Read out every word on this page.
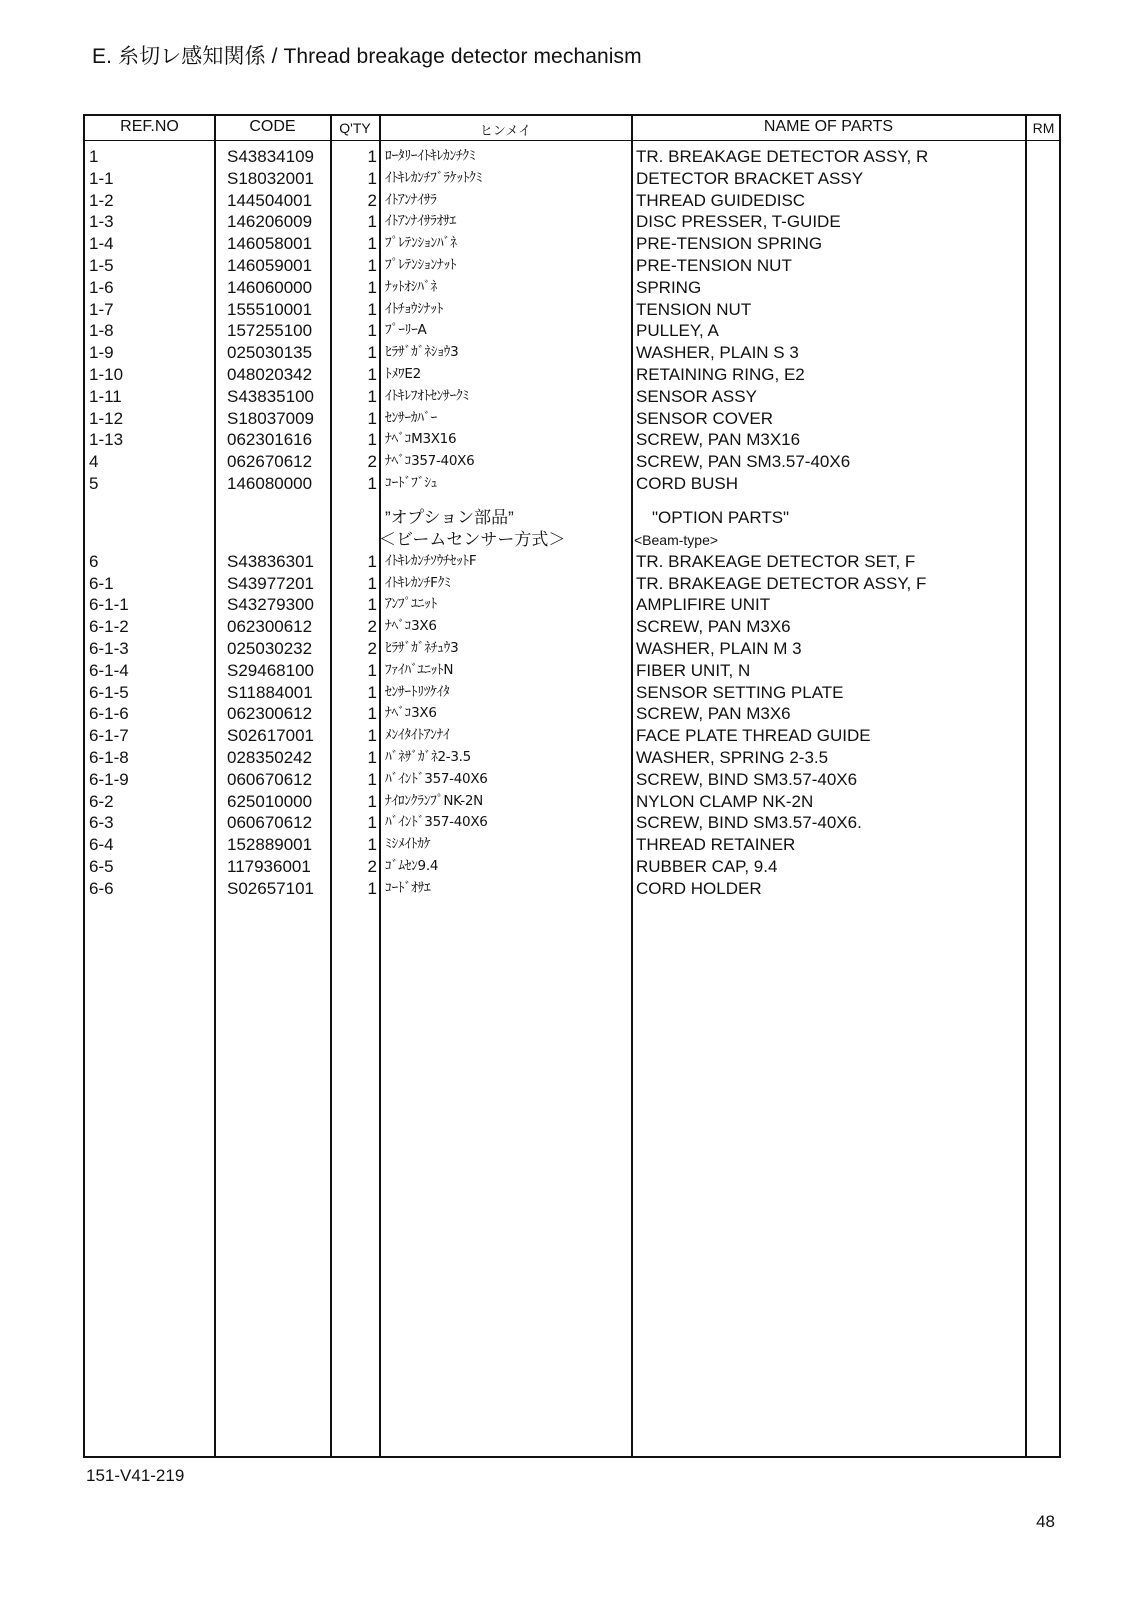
E. 糸切レ感知関係 / Thread breakage detector mechanism
REF.NO	CODE	Q'TY	ヒンメイ	NAME OF PARTS	RM
1	S43834109	1 ﾛｰﾀﾘｰｲﾄｷﾚｶﾝﾁｸﾐ	TR. BREAKAGE DETECTOR ASSY, R
1-1	S18032001	1 ｲﾄｷﾚｶﾝﾁﾌﾞﾗｹｯﾄｸﾐ	DETECTOR BRACKET ASSY
1-2	144504001	2 ｲﾄｱﾝﾅｲｻﾗ	THREAD GUIDEDISC
1-3	146206009	1 ｲﾄｱﾝﾅｲｻﾗｵｻｴ	DISC PRESSER, T-GUIDE
1-4	146058001	1 ﾌﾟﾚﾃﾝｼｮﾝﾊﾞﾈ	PRE-TENSION SPRING
1-5	146059001	1 ﾌﾟﾚﾃﾝｼｮﾝﾅｯﾄ	PRE-TENSION NUT
1-6	146060000	1 ﾅｯﾄｵｼﾊﾞﾈ	SPRING
1-7	155510001	1 ｲﾄﾁｮｳｼﾅｯﾄ	TENSION NUT
1-8	157255100	1 ﾌﾟｰﾘｰA	PULLEY, A
1-9	025030135	1 ﾋﾗｻﾞｶﾞﾈｼｮｳ3	WASHER, PLAIN S 3
1-10	048020342	1 ﾄﾒﾜE2	RETAINING RING, E2
1-11	S43835100	1 ｲﾄｷﾚﾌｵﾄｾﾝｻｰｸﾐ	SENSOR ASSY
1-12	S18037009	1 ｾﾝｻｰｶﾊﾞｰ	SENSOR COVER
1-13	062301616	1 ﾅﾍﾞｺM3X16	SCREW, PAN M3X16
4	062670612	2 ﾅﾍﾞｺ357-40X6	SCREW, PAN SM3.57-40X6
5	146080000	1 ｺｰﾄﾞﾌﾞｼｭ	CORD BUSH
”オプション部品”	"OPTION PARTS"
＜ビームセンサー方式＞	<Beam-type>
6	S43836301	1 ｲﾄｷﾚｶﾝﾁｿｳﾁｾｯﾄF	TR. BRAKEAGE DETECTOR SET, F
6-1	S43977201	1 ｲﾄｷﾚｶﾝﾁFｸﾐ	TR. BRAKEAGE DETECTOR ASSY, F
6-1-1	S43279300	1 ｱﾝﾌﾟﾕﾆｯﾄ	AMPLIFIRE UNIT
6-1-2	062300612	2 ﾅﾍﾞｺ3X6	SCREW, PAN M3X6
6-1-3	025030232	2 ﾋﾗｻﾞｶﾞﾈﾁｭｳ3	WASHER, PLAIN M 3
6-1-4	S29468100	1 ﾌｧｲﾊﾞﾕﾆｯﾄN	FIBER UNIT, N
6-1-5	S11884001	1 ｾﾝｻｰﾄﾘﾂｹｲﾀ	SENSOR SETTING PLATE
6-1-6	062300612	1 ﾅﾍﾞｺ3X6	SCREW, PAN M3X6
6-1-7	S02617001	1 ﾒﾝｲﾀｲﾄｱﾝﾅｲ	FACE PLATE THREAD GUIDE
6-1-8	028350242	1 ﾊﾞﾈｻﾞｶﾞﾈ2-3.5	WASHER, SPRING 2-3.5
6-1-9	060670612	1 ﾊﾞｲﾝﾄﾞ357-40X6	SCREW, BIND SM3.57-40X6
6-2	625010000	1 ﾅｲﾛﾝｸﾗﾝﾌﾟNK-2N	NYLON CLAMP NK-2N
6-3	060670612	1 ﾊﾞｲﾝﾄﾞ357-40X6	SCREW, BIND SM3.57-40X6.
6-4	152889001	1 ﾐｼﾒｲﾄｶｹ	THREAD RETAINER
6-5	117936001	2 ｺﾞﾑｾﾝ9.4	RUBBER CAP, 9.4
6-6	S02657101	1 ｺｰﾄﾞｵｻｴ	CORD HOLDER
151-V41-219
48
